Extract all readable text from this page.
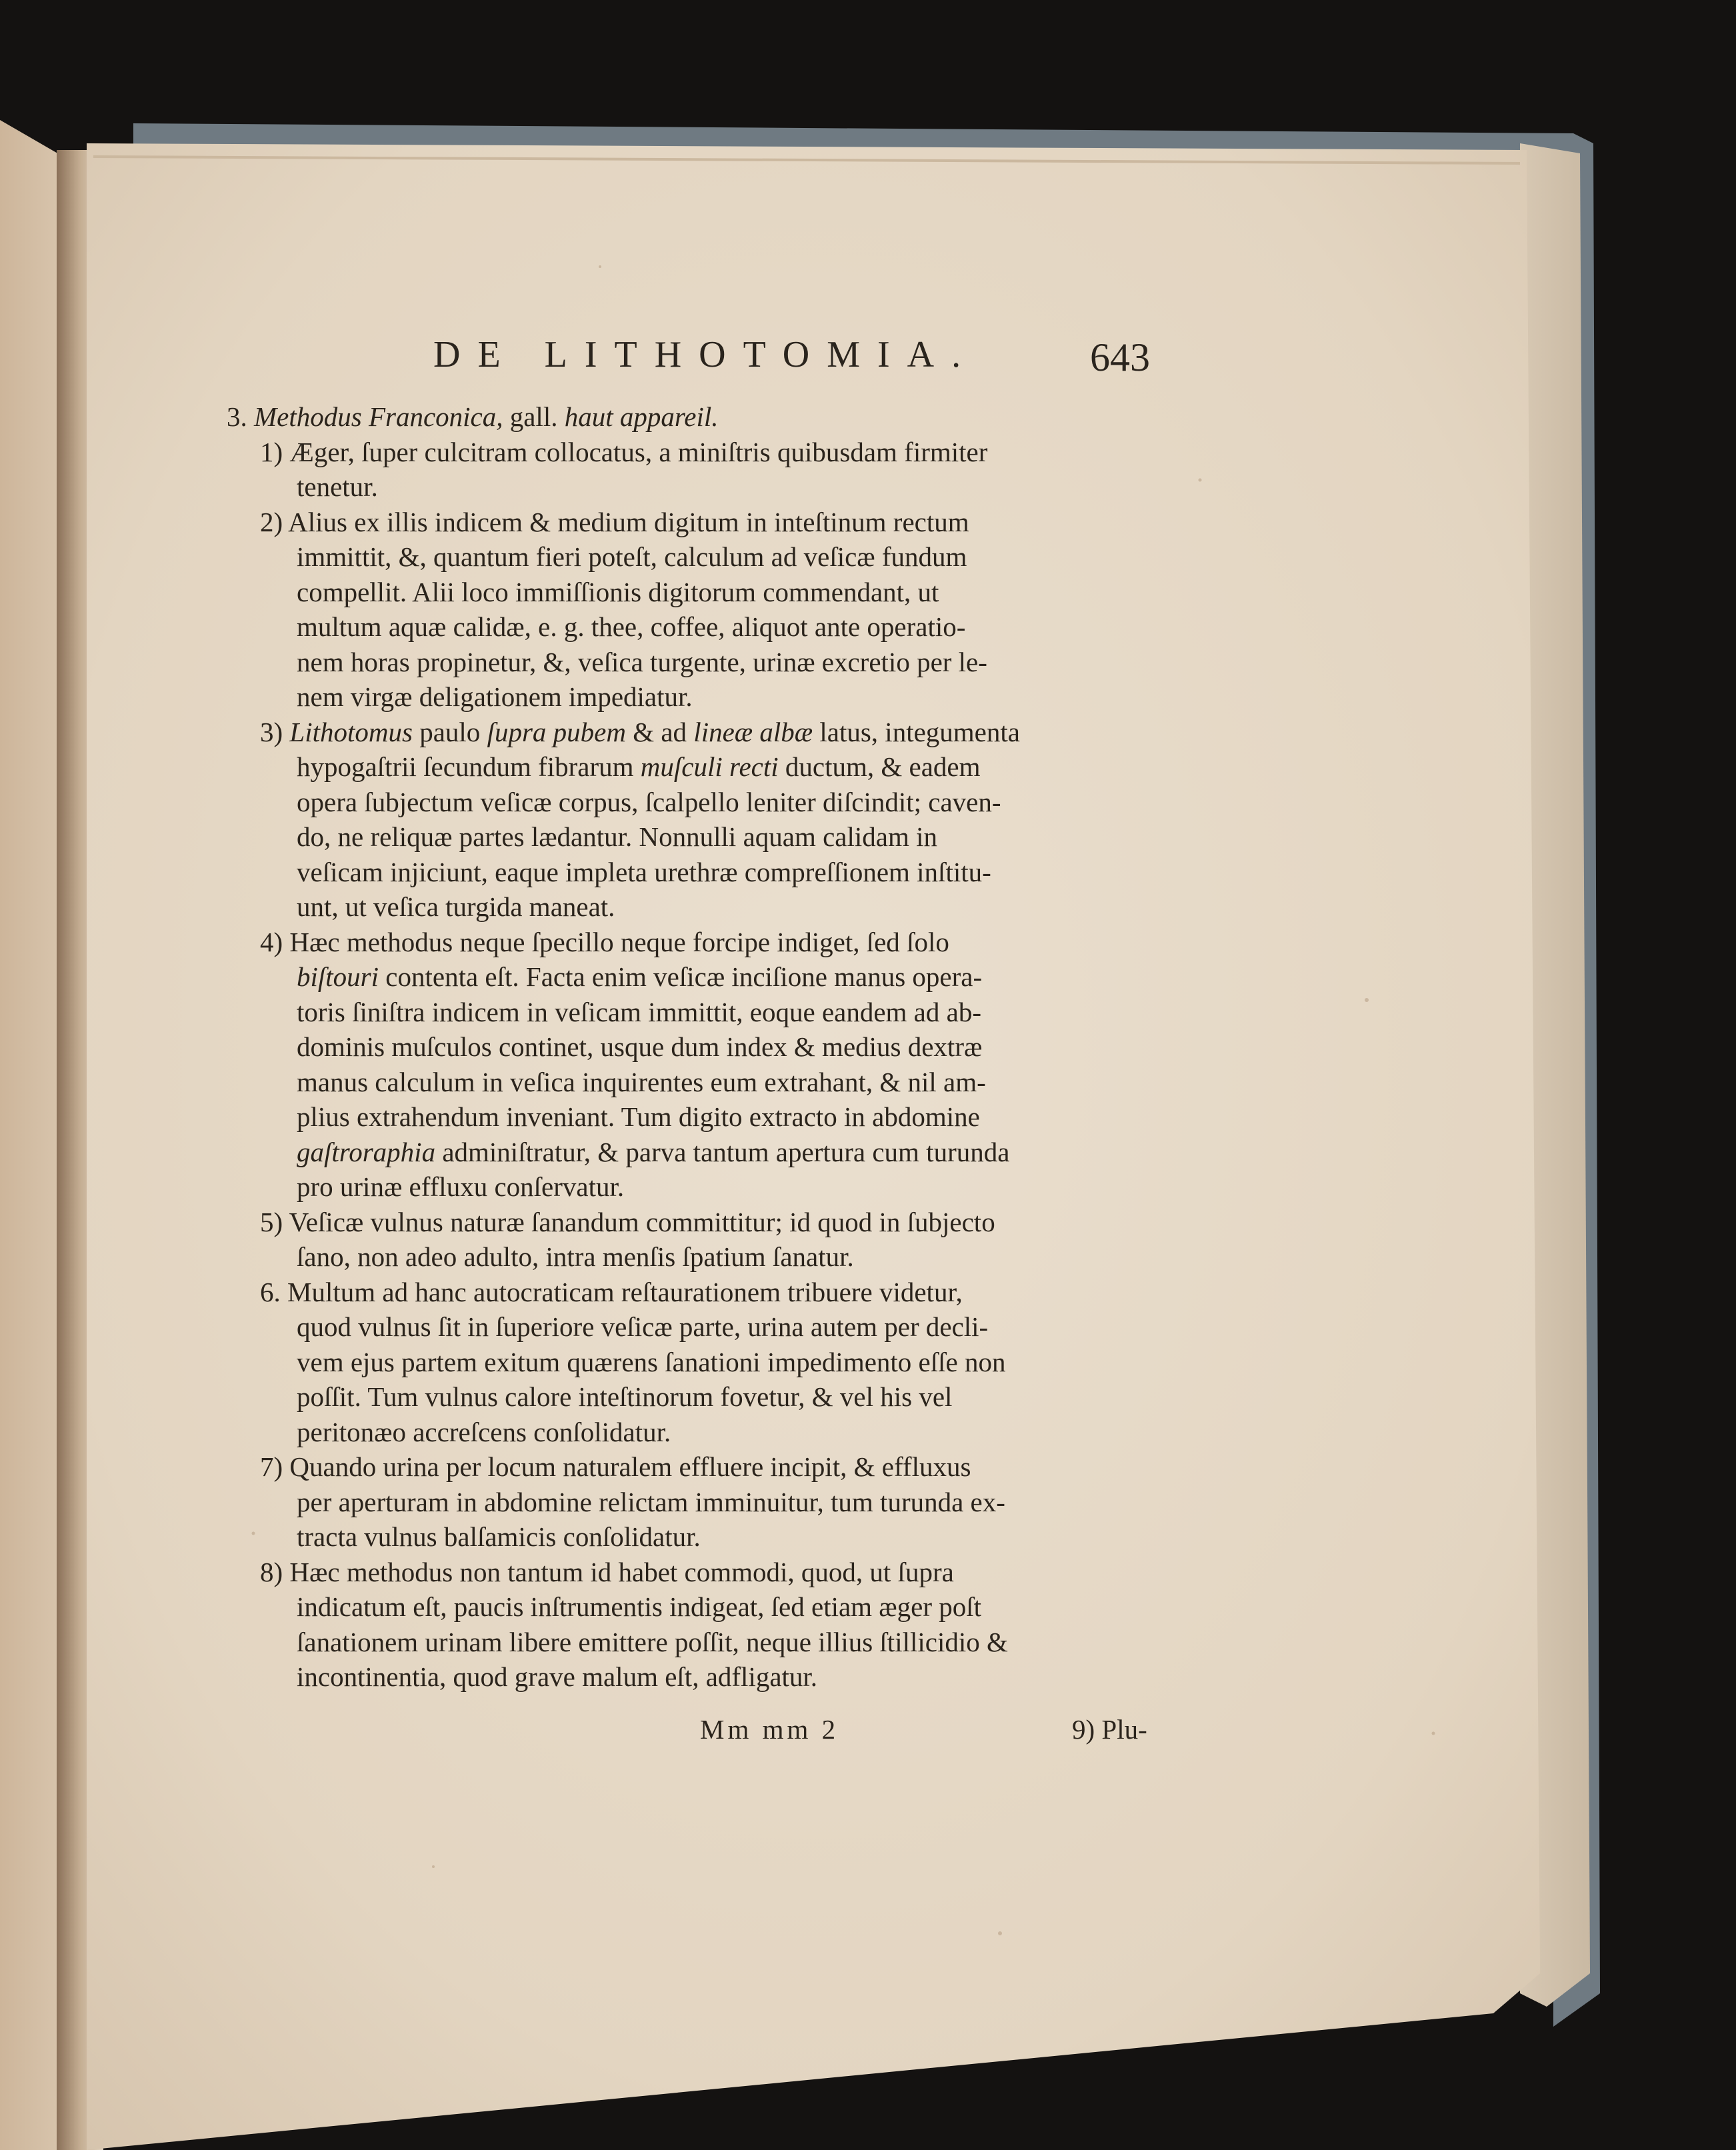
DE LITHOTOMIA.	643

3. Methodus Franconica, gall. haut appareil.

1) Æger, ſuper culcitram collocatus, a miniſtris quibusdam firmiter

tenetur.

2) Alius ex illis indicem & medium digitum in inteſtinum rectum

immittit, &, quantum fieri poteſt, calculum ad veſicæ fundum

compellit. Alii loco immiſſionis digitorum commendant, ut

multum aquæ calidæ, e. g. thee, coffee, aliquot ante operatio-

nem horas propinetur, &, veſica turgente, urinæ excretio per le-

nem virgæ deligationem impediatur.

3) Lithotomus paulo ſupra pubem & ad lineæ albæ latus, integumenta

hypogaſtrii ſecundum fibrarum muſculi recti ductum, & eadem

opera ſubjectum veſicæ corpus, ſcalpello leniter diſcindit; caven-

do, ne reliquæ partes lædantur. Nonnulli aquam calidam in

veſicam injiciunt, eaque impleta urethræ compreſſionem inſtitu-

unt, ut veſica turgida maneat.

4) Hæc methodus neque ſpecillo neque forcipe indiget, ſed ſolo

biſtouri contenta eſt. Facta enim veſicæ inciſione manus opera-

toris ſiniſtra indicem in veſicam immittit, eoque eandem ad ab-

dominis muſculos continet, usque dum index & medius dextræ

manus calculum in veſica inquirentes eum extrahant, & nil am-

plius extrahendum inveniant. Tum digito extracto in abdomine

gaſtroraphia adminiſtratur, & parva tantum apertura cum turunda

pro urinæ effluxu conſervatur.

5) Veſicæ vulnus naturæ ſanandum committitur; id quod in ſubjecto

ſano, non adeo adulto, intra menſis ſpatium ſanatur.

6. Multum ad hanc autocraticam reſtaurationem tribuere videtur,

quod vulnus ſit in ſuperiore veſicæ parte, urina autem per decli-

vem ejus partem exitum quærens ſanationi impedimento eſſe non

poſſit. Tum vulnus calore inteſtinorum fovetur, & vel his vel

peritonæo accreſcens conſolidatur.

7) Quando urina per locum naturalem effluere incipit, & effluxus

per aperturam in abdomine relictam imminuitur, tum turunda ex-

tracta vulnus balſamicis conſolidatur.

8) Hæc methodus non tantum id habet commodi, quod, ut ſupra

indicatum eſt, paucis inſtrumentis indigeat, ſed etiam æger poſt

ſanationem urinam libere emittere poſſit, neque illius ſtillicidio &

incontinentia, quod grave malum eſt, adfligatur.

Mm mm 2	9) Plu-
